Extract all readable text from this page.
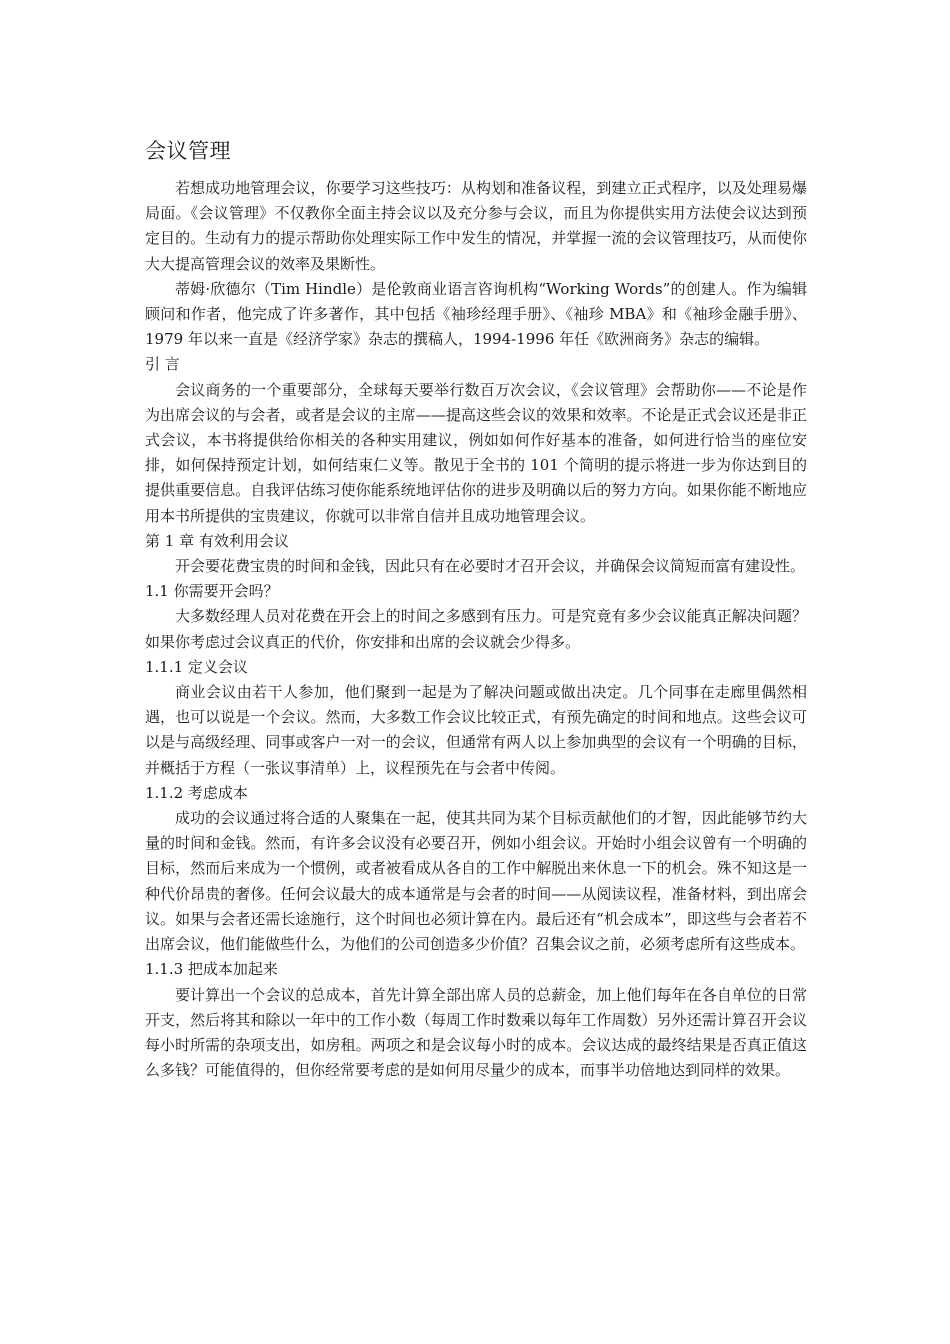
会议管理

若想成功地管理会议，你要学习这些技巧：从构划和准备议程，到建立正式程序，以及处理易爆局面。《会议管理》不仅教你全面主持会议以及充分参与会议，而且为你提供实用方法使会议达到预定目的。生动有力的提示帮助你处理实际工作中发生的情况，并掌握一流的会议管理技巧，从而使你大大提高管理会议的效率及果断性。

蒂姆·欣德尔（Tim Hindle）是伦敦商业语言咨询机构“Working Words”的创建人。作为编辑顾问和作者，他完成了许多著作，其中包括《袖珍经理手册》、《袖珍 MBA》和《袖珍金融手册》、1979 年以来一直是《经济学家》杂志的撰稿人，1994-1996 年任《欧洲商务》杂志的编辑。

引 言

会议商务的一个重要部分，全球每天要举行数百万次会议，《会议管理》会帮助你——不论是作为出席会议的与会者，或者是会议的主席——提高这些会议的效果和效率。不论是正式会议还是非正式会议，本书将提供给你相关的各种实用建议，例如如何作好基本的准备，如何进行恰当的座位安排，如何保持预定计划，如何结束仁义等。散见于全书的 101 个简明的提示将进一步为你达到目的提供重要信息。自我评估练习使你能系统地评估你的进步及明确以后的努力方向。如果你能不断地应用本书所提供的宝贵建议，你就可以非常自信并且成功地管理会议。

第 1 章 有效利用会议

开会要花费宝贵的时间和金钱，因此只有在必要时才召开会议，并确保会议简短而富有建设性。

1.1 你需要开会吗？

大多数经理人员对花费在开会上的时间之多感到有压力。可是究竟有多少会议能真正解决问题？如果你考虑过会议真正的代价，你安排和出席的会议就会少得多。

1.1.1 定义会议

商业会议由若干人参加，他们聚到一起是为了解决问题或做出决定。几个同事在走廊里偶然相遇，也可以说是一个会议。然而，大多数工作会议比较正式，有预先确定的时间和地点。这些会议可以是与高级经理、同事或客户一对一的会议，但通常有两人以上参加典型的会议有一个明确的目标，并概括于方程（一张议事清单）上，议程预先在与会者中传阅。

1.1.2 考虑成本

成功的会议通过将合适的人聚集在一起，使其共同为某个目标贡献他们的才智，因此能够节约大量的时间和金钱。然而，有许多会议没有必要召开，例如小组会议。开始时小组会议曾有一个明确的目标，然而后来成为一个惯例，或者被看成从各自的工作中解脱出来休息一下的机会。殊不知这是一种代价昂贵的奢侈。任何会议最大的成本通常是与会者的时间——从阅读议程，准备材料，到出席会议。如果与会者还需长途施行，这个时间也必须计算在内。最后还有“机会成本”，即这些与会者若不出席会议，他们能做些什么，为他们的公司创造多少价值？召集会议之前，必须考虑所有这些成本。

1.1.3 把成本加起来

要计算出一个会议的总成本，首先计算全部出席人员的总薪金，加上他们每年在各自单位的日常开支，然后将其和除以一年中的工作小数（每周工作时数乘以每年工作周数）另外还需计算召开会议每小时所需的杂项支出，如房租。两项之和是会议每小时的成本。会议达成的最终结果是否真正值这么多钱？可能值得的，但你经常要考虑的是如何用尽量少的成本，而事半功倍地达到同样的效果。
